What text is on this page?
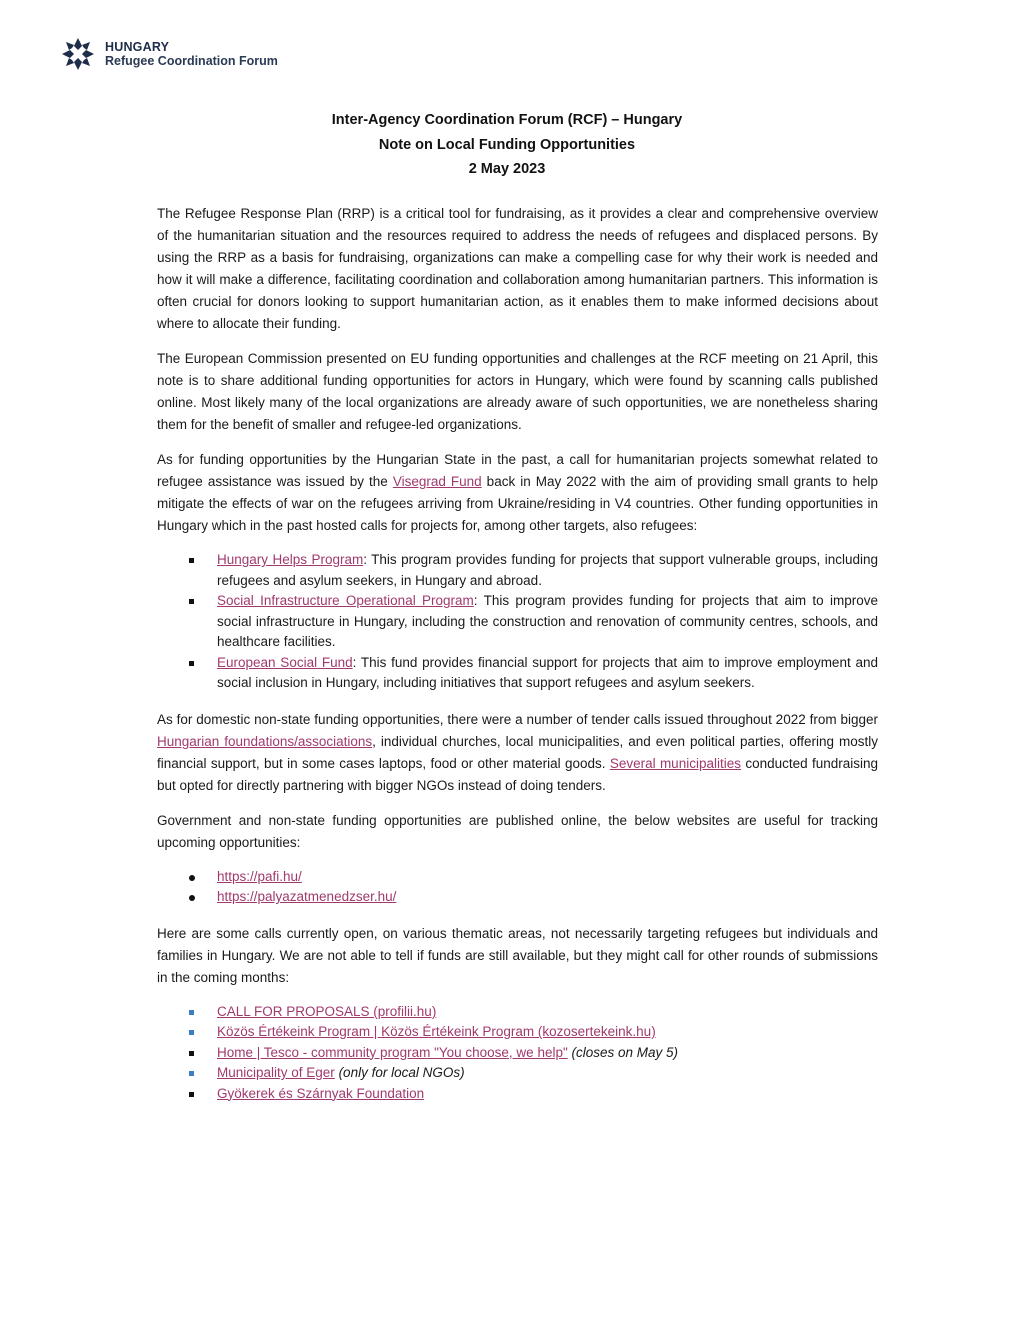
HUNGARY
Refugee Coordination Forum
Inter-Agency Coordination Forum (RCF) – Hungary
Note on Local Funding Opportunities
2 May 2023

The Refugee Response Plan (RRP) is a critical tool for fundraising, as it provides a clear and comprehensive overview of the humanitarian situation and the resources required to address the needs of refugees and displaced persons. By using the RRP as a basis for fundraising, organizations can make a compelling case for why their work is needed and how it will make a difference, facilitating coordination and collaboration among humanitarian partners. This information is often crucial for donors looking to support humanitarian action, as it enables them to make informed decisions about where to allocate their funding.

The European Commission presented on EU funding opportunities and challenges at the RCF meeting on 21 April, this note is to share additional funding opportunities for actors in Hungary, which were found by scanning calls published online. Most likely many of the local organizations are already aware of such opportunities, we are nonetheless sharing them for the benefit of smaller and refugee-led organizations.

As for funding opportunities by the Hungarian State in the past, a call for humanitarian projects somewhat related to refugee assistance was issued by the Visegrad Fund back in May 2022 with the aim of providing small grants to help mitigate the effects of war on the refugees arriving from Ukraine/residing in V4 countries. Other funding opportunities in Hungary which in the past hosted calls for projects for, among other targets, also refugees:

Hungary Helps Program: This program provides funding for projects that support vulnerable groups, including refugees and asylum seekers, in Hungary and abroad.
Social Infrastructure Operational Program: This program provides funding for projects that aim to improve social infrastructure in Hungary, including the construction and renovation of community centres, schools, and healthcare facilities.
European Social Fund: This fund provides financial support for projects that aim to improve employment and social inclusion in Hungary, including initiatives that support refugees and asylum seekers.

As for domestic non-state funding opportunities, there were a number of tender calls issued throughout 2022 from bigger Hungarian foundations/associations, individual churches, local municipalities, and even political parties, offering mostly financial support, but in some cases laptops, food or other material goods. Several municipalities conducted fundraising but opted for directly partnering with bigger NGOs instead of doing tenders.

Government and non-state funding opportunities are published online, the below websites are useful for tracking upcoming opportunities:

https://pafi.hu/
https://palyazatmenedzser.hu/

Here are some calls currently open, on various thematic areas, not necessarily targeting refugees but individuals and families in Hungary. We are not able to tell if funds are still available, but they might call for other rounds of submissions in the coming months:

CALL FOR PROPOSALS (profilii.hu)
Közös Értékeink Program | Közös Értékeink Program (kozosertekeink.hu)
Home | Tesco - community program "You choose, we help" (closes on May 5)
Municipality of Eger (only for local NGOs)
Gyökerek és Szárnyak Foundation
